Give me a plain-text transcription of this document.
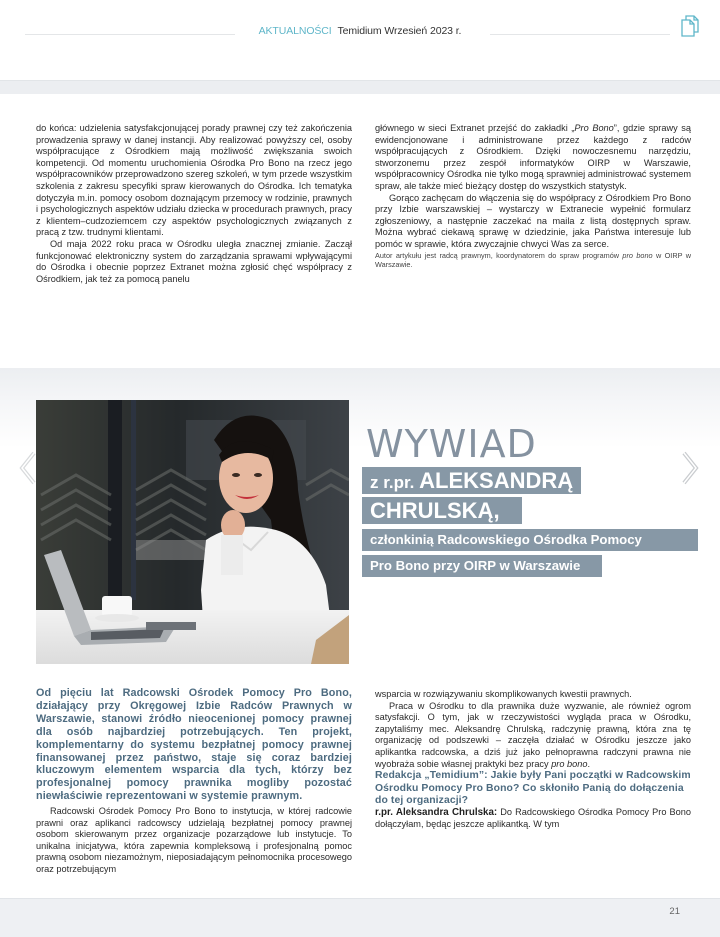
AKTUALNOŚCI Temidium Wrzesień 2023 r.

do końca: udzielenia satysfakcjonującej porady prawnej czy też zakończenia prowadzenia sprawy w danej instancji. Aby realizować powyższy cel, osoby współpracujące z Ośrodkiem mają możliwość zwiększania swoich kompetencji. Od momentu uruchomienia Ośrodka Pro Bono na rzecz jego współpracowników przeprowadzono szereg szkoleń, w tym przede wszystkim szkolenia z zakresu specyfiki spraw kierowanych do Ośrodka. Ich tematyka dotyczyła m.in. pomocy osobom doznającym przemocy w rodzinie, prawnych i psychologicznych aspektów udziału dziecka w procedurach prawnych, pracy z klientem–cudzoziemcem czy aspektów psychologicznych związanych z pracą z tzw. trudnymi klientami.

Od maja 2022 roku praca w Ośrodku uległa znacznej zmianie. Zaczął funkcjonować elektroniczny system do zarządzania sprawami wpływającymi do Ośrodka i obecnie poprzez Extranet można zgłosić chęć współpracy z Ośrodkiem, jak też za pomocą panelu

głównego w sieci Extranet przejść do zakładki „Pro Bono”, gdzie sprawy są ewidencjonowane i administrowane przez każdego z radców współpracujących z Ośrodkiem. Dzięki nowoczesnemu narzędziu, stworzonemu przez zespół informatyków OIRP w Warszawie, współpracownicy Ośrodka nie tylko mogą sprawniej administrować systemem spraw, ale także mieć bieżący dostęp do wszystkich statystyk.

Gorąco zachęcam do włączenia się do współpracy z Ośrodkiem Pro Bono przy Izbie warszawskiej – wystarczy w Extranecie wypełnić formularz zgłoszeniowy, a następnie zaczekać na maila z listą dostępnych spraw. Można wybrać ciekawą sprawę w dziedzinie, jaka Państwa interesuje lub pomóc w sprawie, która zwyczajnie chwyci Was za serce.

Autor artykułu jest radcą prawnym, koordynatorem do spraw programów pro bono w OIRP w Warszawie.

WYWIAD
z r.pr. ALEKSANDRĄ
CHRULSKĄ,
członkinią Radcowskiego Ośrodka Pomocy
Pro Bono przy OIRP w Warszawie
Od pięciu lat Radcowski Ośrodek Pomocy Pro Bono, działający przy Okręgowej Izbie Radców Prawnych w Warszawie, stanowi źródło nieocenionej pomocy prawnej dla osób najbardziej potrzebujących. Ten projekt, komplementarny do systemu bezpłatnej pomocy prawnej finansowanej przez państwo, staje się coraz bardziej kluczowym elementem wsparcia dla tych, którzy bez profesjonalnej pomocy prawnika mogliby pozostać niewłaściwie reprezentowani w systemie prawnym.

Radcowski Ośrodek Pomocy Pro Bono to instytucja, w której radcowie prawni oraz aplikanci radcowscy udzielają bezpłatnej pomocy prawnej osobom skierowanym przez organizacje pozarządowe lub instytucje. To unikalna inicjatywa, która zapewnia kompleksową i profesjonalną pomoc prawną osobom niezamożnym, nieposiadającym pełnomocnika procesowego oraz potrzebującym

wsparcia w rozwiązywaniu skomplikowanych kwestii prawnych.

Praca w Ośrodku to dla prawnika duże wyzwanie, ale również ogrom satysfakcji. O tym, jak w rzeczywistości wygląda praca w Ośrodku, zapytaliśmy mec. Aleksandrę Chrulską, radczynię prawną, która zna tę organizację od podszewki – zaczęła działać w Ośrodku jeszcze jako aplikantka radcowska, a dziś już jako pełnoprawna radczyni prawna nie wyobraża sobie własnej praktyki bez pracy pro bono.

Redakcja „Temidium”: Jakie były Pani początki w Radcowskim Ośrodku Pomocy Pro Bono? Co skłoniło Panią do dołączenia do tej organizacji?

r.pr. Aleksandra Chrulska: Do Radcowskiego Ośrodka Pomocy Pro Bono dołączyłam, będąc jeszcze aplikantką. W tym

21
